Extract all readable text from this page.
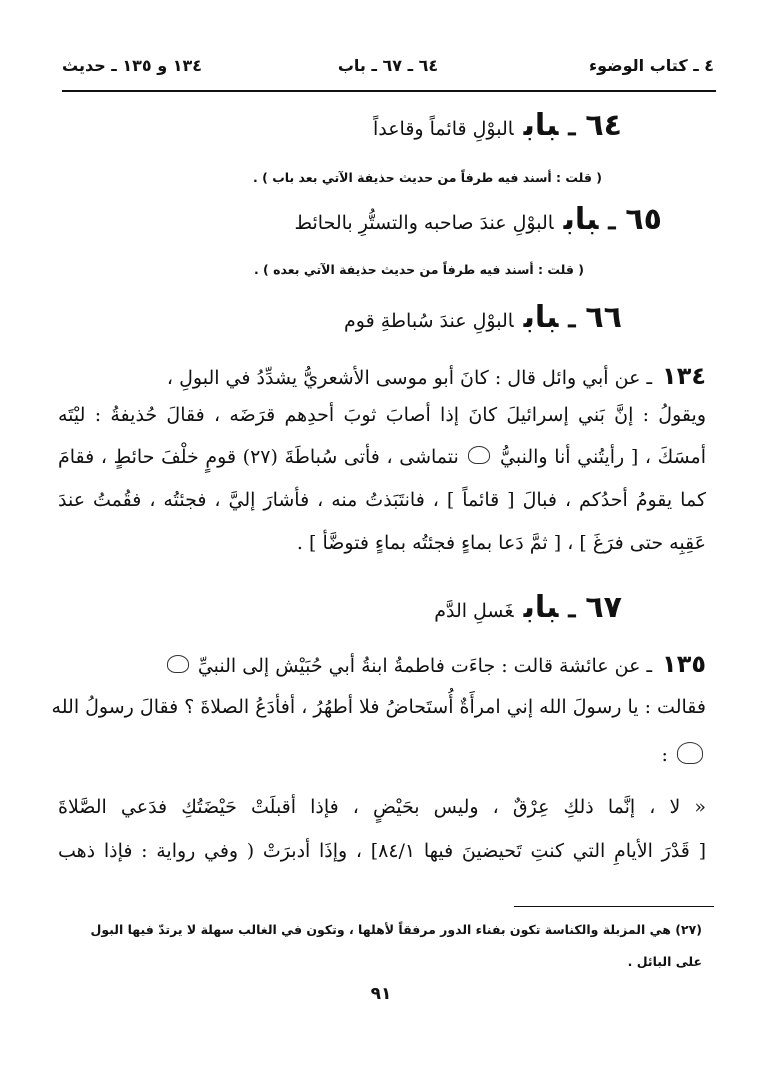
٤ ـ كتاب الوضوء
٦٤ ـ ٦٧ ـ باب
١٣٤ و ١٣٥ ـ حديث
٦٤ـبابالبوْلِ قائماً وقاعداً
( قلت : أسند فيه طرفاً من حديث حذيفة الآتي بعد باب ) .
٦٥ـبابالبوْلِ عندَ صاحبه والتستُّرِ بالحائط
( قلت : أسند فيه طرفاً من حديث حذيفة الآتي بعده ) .
٦٦ـبابالبوْلِ عندَ سُباطةِ قوم
١٣٤ـ عن أبي وائل قال : كانَ أبو موسى الأشعريُّ يشدِّدُ في البولِ ،
ويقولُ : إنَّ بَني إسرائيلَ كانَ إذا أصابَ ثوبَ أحدِهم قرَضَه ، فقالَ حُذيفةُ : ليْتَه
أمسَكَ ، [ رأيتُني أنا والنبيُّ  نتماشى ، فأتى سُباطَةَ (٢٧) قومٍ خلْفَ حائطٍ ، فقامَ
كما يقومُ أحدُكم ، فبالَ [ قائماً ] ، فانتَبَذتُ منه ، فأشارَ إليَّ ، فجئتُه ، فقُمتُ عندَ
عَقِبِه حتى فرَغَ ] ، [ ثمَّ دَعا بماءٍ فجئتُه بماءٍ فتوضَّأ ] .
٦٧ـبابغَسلِ الدَّم
١٣٥ـ عن عائشة قالت : جاءَت فاطمةُ ابنةُ أبي حُبَيْش إلى النبيِّ
فقالت : يا رسولَ الله إني امرأَةٌ أُستَحاضُ فلا أطهُرُ ، أفأدَعُ الصلاةَ ؟ فقالَ رسولُ الله
:
« لا ، إنَّما ذلكِ عِرْقٌ ، وليس بحَيْضٍ ، فإذا أقبلَتْ حَيْضَتُكِ فدَعي الصَّلاةَ
[ قَدْرَ الأيامِ التي كنتِ تَحيضينَ فيها ٨٤/١] ، وإذَا أدبرَتْ ( وفي رواية : فإذا ذهب
(٢٧) هي المزبلة والكناسة تكون بفناء الدور مرفقاً لأهلها ، وتكون في الغالب سهلة لا يرتدّ فيها البول على البائل .
٩١
